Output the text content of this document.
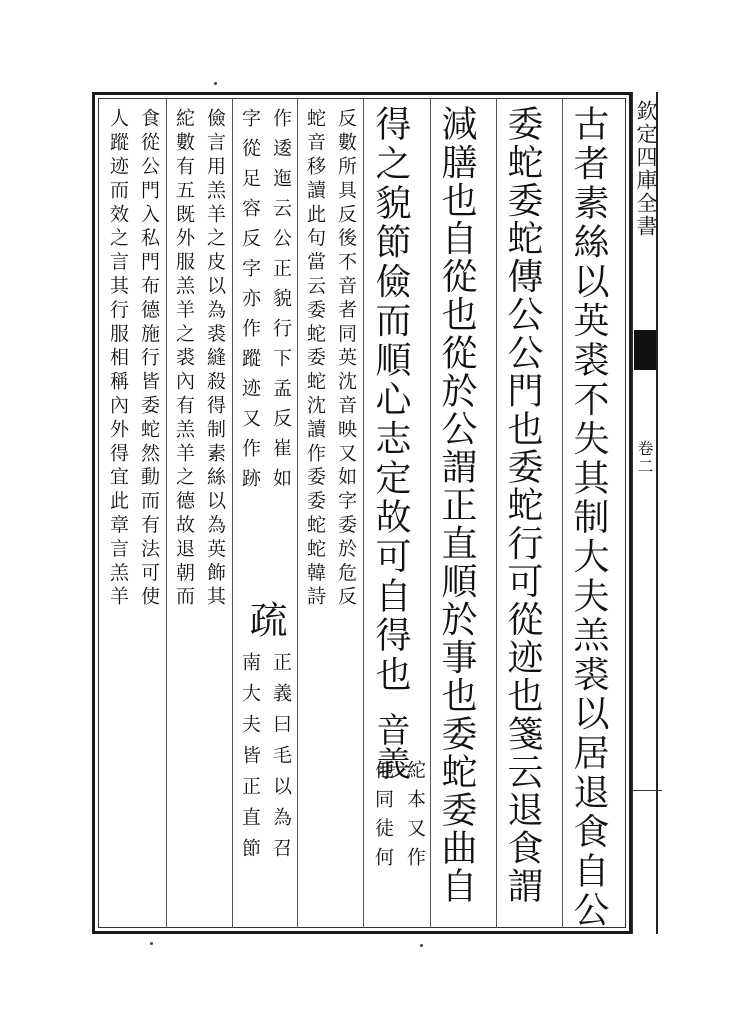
欽定四庫全書
卷二
古者素絲以英裘不失其制大夫羔裘以居退食自公
委蛇委蛇傳公公門也委蛇行可從迹也箋云退食謂
減膳也自從也從於公謂正直順於事也委蛇委曲自
得之貌節儉而順心志定故可自得也
音義
紽本又作
他同徒何
反數所具反後不音者同英沈音映又如字委於危反
蛇音移讀此句當云委蛇委蛇沈讀作委委蛇蛇韓詩
作逶迤云公正貌行下孟反崔如
字從足容反字亦作蹤迹又作跡
疏
正義曰毛以為召
南大夫皆正直節
儉言用羔羊之皮以為裘縫殺得制素絲以為英飾其
紽數有五既外服羔羊之裘內有羔羊之德故退朝而
食從公門入私門布德施行皆委蛇然動而有法可使
人蹤迹而效之言其行服相稱內外得宜此章言羔羊
